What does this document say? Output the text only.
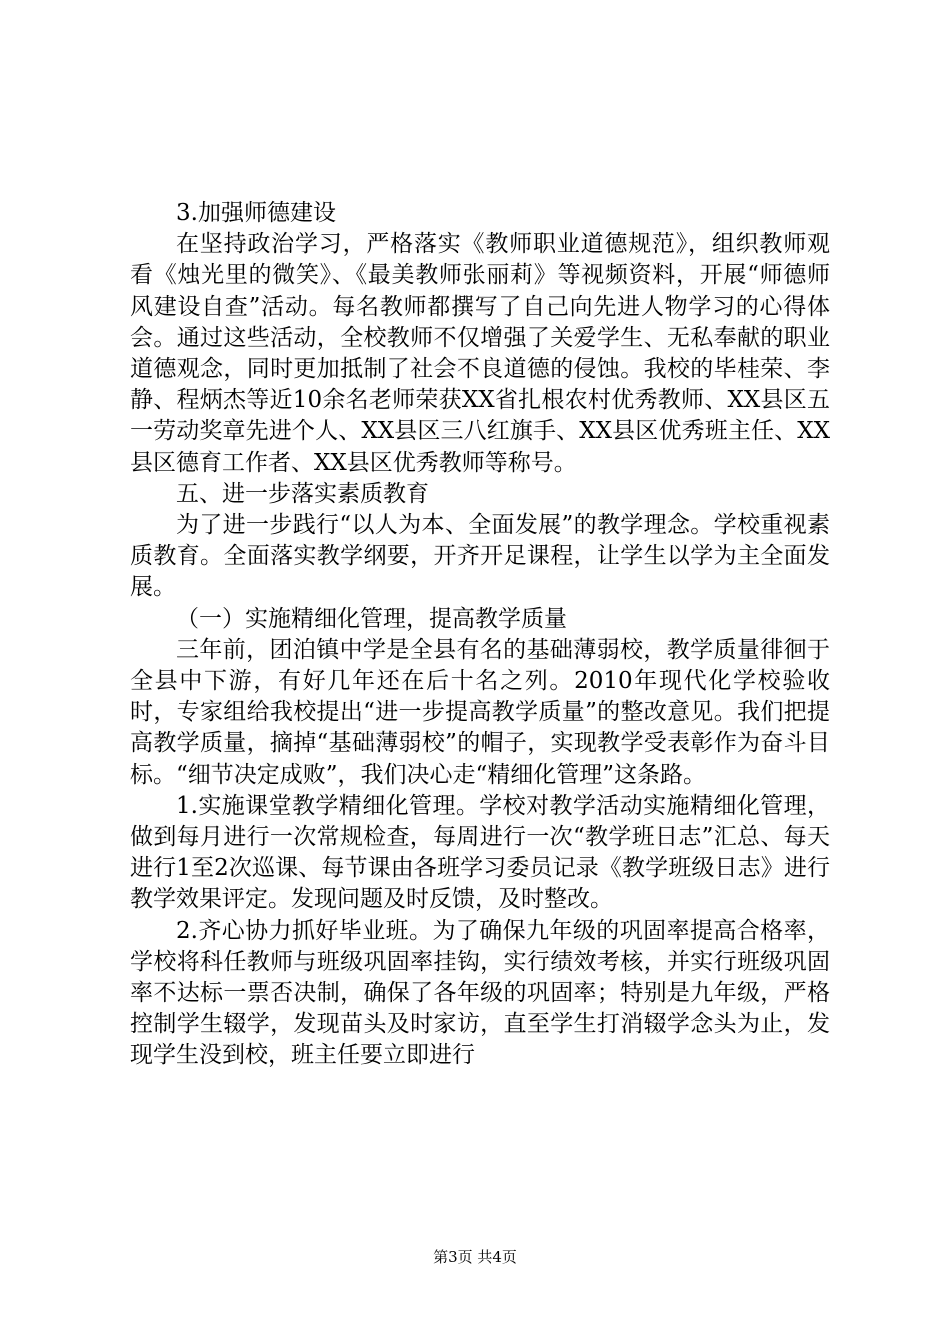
3.加强师德建设

在坚持政治学习，严格落实《教师职业道德规范》，组织教师观看《烛光里的微笑》、《最美教师张丽莉》等视频资料，开展“师德师风建设自查”活动。每名教师都撰写了自己向先进人物学习的心得体会。通过这些活动，全校教师不仅增强了关爱学生、无私奉献的职业道德观念，同时更加抵制了社会不良道德的侵蚀。我校的毕桂荣、李静、程炳杰等近10余名老师荣获XX省扎根农村优秀教师、XX县区五一劳动奖章先进个人、XX县区三八红旗手、XX县区优秀班主任、XX县区德育工作者、XX县区优秀教师等称号。

五、进一步落实素质教育

为了进一步践行“以人为本、全面发展”的教学理念。学校重视素质教育。全面落实教学纲要，开齐开足课程，让学生以学为主全面发展。

（一）实施精细化管理，提高教学质量

三年前，团泊镇中学是全县有名的基础薄弱校，教学质量徘徊于全县中下游，有好几年还在后十名之列。2010年现代化学校验收时，专家组给我校提出“进一步提高教学质量”的整改意见。我们把提高教学质量，摘掉“基础薄弱校”的帽子，实现教学受表彰作为奋斗目标。“细节决定成败”，我们决心走“精细化管理”这条路。

1.实施课堂教学精细化管理。学校对教学活动实施精细化管理，做到每月进行一次常规检查，每周进行一次“教学班日志”汇总、每天进行1至2次巡课、每节课由各班学习委员记录《教学班级日志》进行教学效果评定。发现问题及时反馈，及时整改。

2.齐心协力抓好毕业班。为了确保九年级的巩固率提高合格率，学校将科任教师与班级巩固率挂钩，实行绩效考核，并实行班级巩固率不达标一票否决制，确保了各年级的巩固率；特别是九年级，严格控制学生辍学，发现苗头及时家访，直至学生打消辍学念头为止，发现学生没到校，班主任要立即进行

第3页 共4页
